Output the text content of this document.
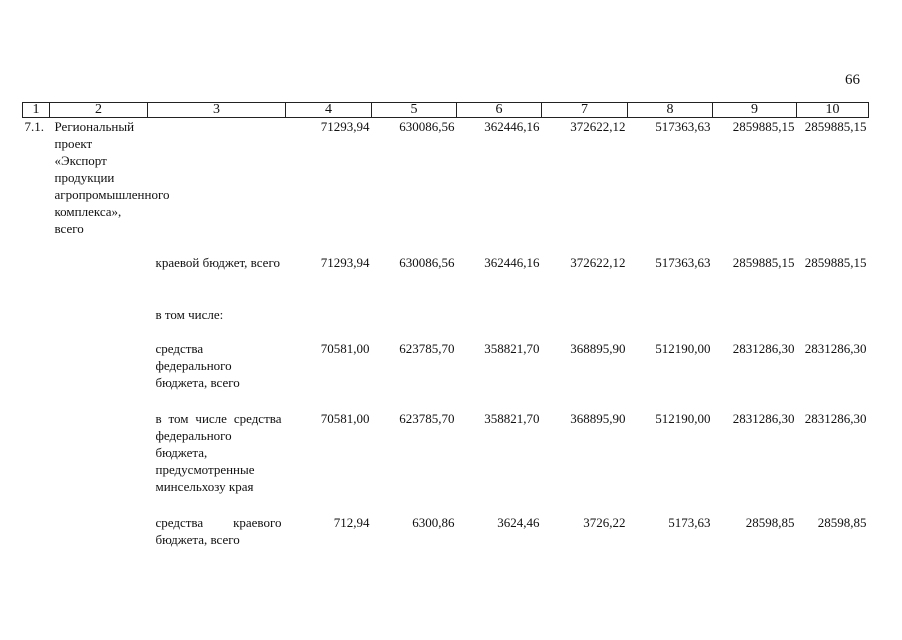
66
1	2	3	4	5	6	7	8	9	10
7.1.	Региональный проект «Экспорт продукции агропромышленного комплекса», всего		71293,94	630086,56	362446,16	372622,12	517363,63	2859885,15	2859885,15
		краевой бюджет, всего	71293,94	630086,56	362446,16	372622,12	517363,63	2859885,15	2859885,15
		в том числе:							
		средства федерального бюджета, всего	70581,00	623785,70	358821,70	368895,90	512190,00	2831286,30	2831286,30
		в том числе средства федерального бюджета, предусмотренные минсельхозу края	70581,00	623785,70	358821,70	368895,90	512190,00	2831286,30	2831286,30
		средства краевого бюджета, всего	712,94	6300,86	3624,46	3726,22	5173,63	28598,85	28598,85
